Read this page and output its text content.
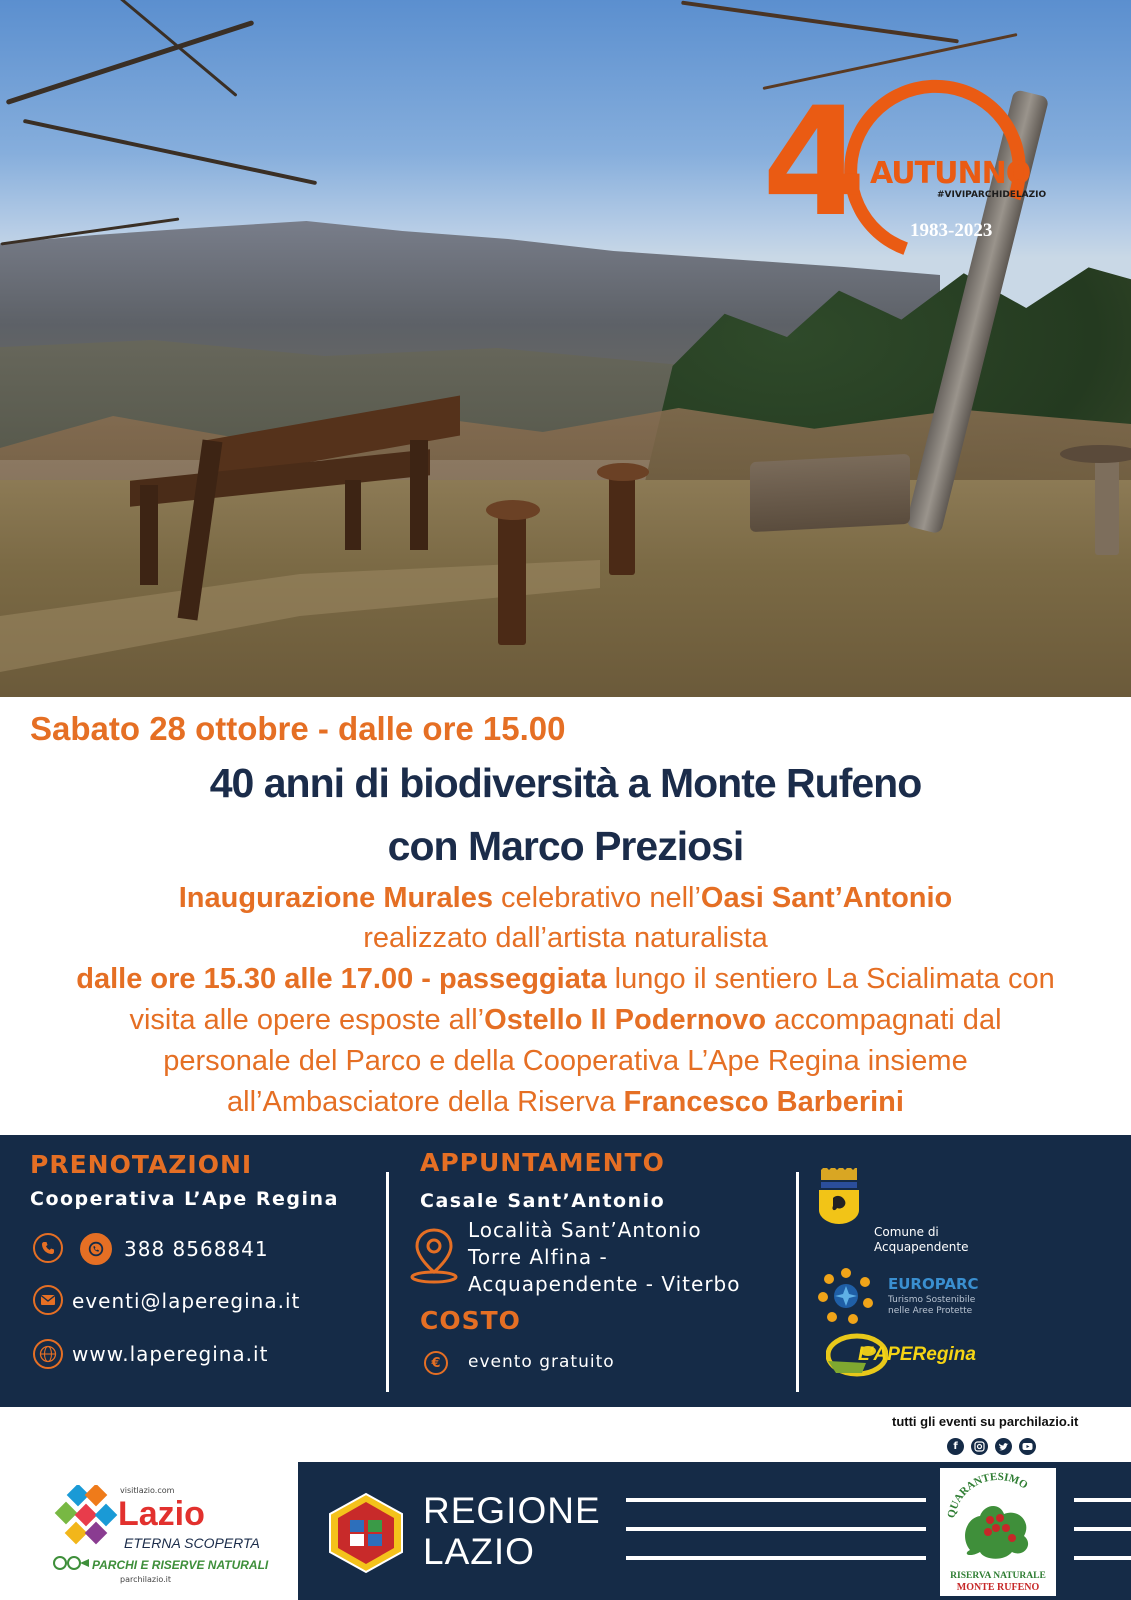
4 AUTUNNO
#VIVIPARCHIDELAZIO
1983-2023

Sabato 28 ottobre - dalle ore 15.00

40 anni di biodiversità a Monte Rufeno

con Marco Preziosi

Inaugurazione Murales celebrativo nell’Oasi Sant’Antonio

realizzato dall’artista naturalista

dalle ore 15.30 alle 17.00 - passeggiata lungo il sentiero La Scialimata con

visita alle opere esposte all’Ostello Il Podernovo accompagnati dal

personale del Parco e della Cooperativa L’Ape Regina insieme

all’Ambasciatore della Riserva Francesco Barberini

PRENOTAZIONI

Cooperativa L’Ape Regina

388 8568841

eventi@laperegina.it

www.laperegina.it

APPUNTAMENTO

Casale Sant’Antonio

Località Sant’Antonio

Torre Alfina -

Acquapendente - Viterbo

COSTO

€	evento gratuito

Comune di

Acquapendente

EUROPARC

Turismo Sostenibile

nelle Aree Protette

L’APERegina

tutti gli eventi su parchilazio.it

f

visitlazio.com

Lazio

ETERNA SCOPERTA

PARCHI E RISERVE NATURALI

parchilazio.it

REGIONE

LAZIO

QUARANTESIMO

RISERVA NATURALE

MONTE RUFENO
